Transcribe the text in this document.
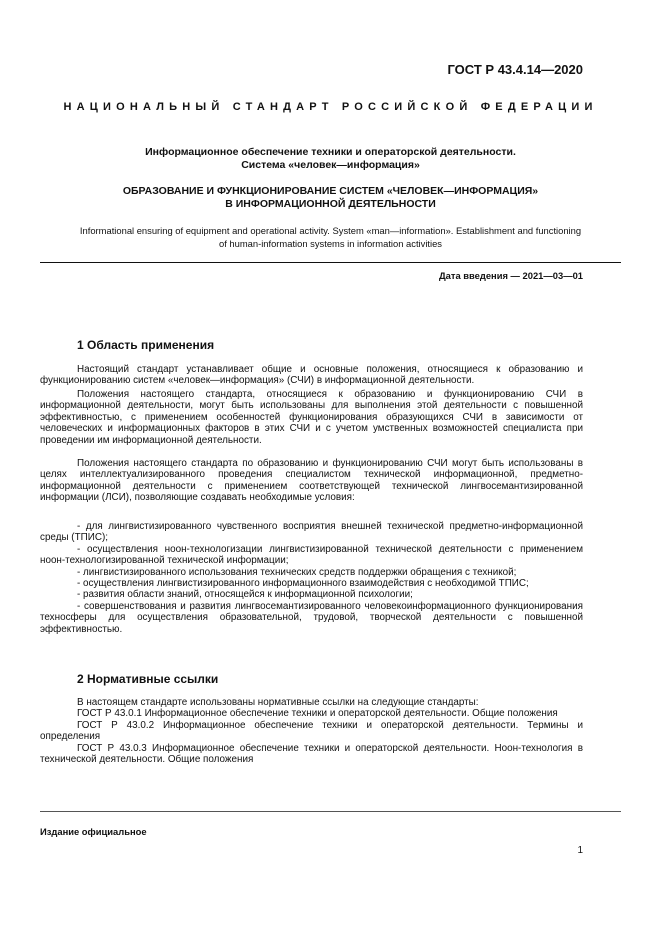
ГОСТ Р 43.4.14—2020
НАЦИОНАЛЬНЫЙ СТАНДАРТ РОССИЙСКОЙ ФЕДЕРАЦИИ
Информационное обеспечение техники и операторской деятельности.
Система «человек—информация»
ОБРАЗОВАНИЕ И ФУНКЦИОНИРОВАНИЕ СИСТЕМ «ЧЕЛОВЕК—ИНФОРМАЦИЯ»
В ИНФОРМАЦИОННОЙ ДЕЯТЕЛЬНОСТИ
Informational ensuring of equipment and operational activity. System «man—information». Establishment and functioning
of human-information systems in information activities
Дата введения — 2021—03—01
1 Область применения

Настоящий стандарт устанавливает общие и основные положения, относящиеся к образованию и функционированию систем «человек—информация» (СЧИ) в информационной деятельности.

Положения настоящего стандарта, относящиеся к образованию и функционированию СЧИ в информационной деятельности, могут быть использованы для выполнения этой деятельности с повышенной эффективностью, с применением особенностей функционирования образующихся СЧИ в зависимости от человеческих и информационных факторов в этих СЧИ и с учетом умственных возможностей специалиста при проведении им информационной деятельности.

Положения настоящего стандарта по образованию и функционированию СЧИ могут быть использованы в целях интеллектуализированного проведения специалистом технической информационной, предметно-информационной деятельности с применением соответствующей технической лингвосемантизированной информации (ЛСИ), позволяющие создавать необходимые условия:

- для лингвистизированного чувственного восприятия внешней технической предметно-информационной среды (ТПИС);

- осуществления ноон-технологизации лингвистизированной технической деятельности с применением ноон-технологизированной технической информации;

- лингвистизированного использования технических средств поддержки обращения с техникой;

- осуществления лингвистизированного информационного взаимодействия с необходимой ТПИС;

- развития области знаний, относящейся к информационной психологии;

- совершенствования и развития лингвосемантизированного человекоинформационного функционирования техносферы для осуществления образовательной, трудовой, творческой деятельности с повышенной эффективностью.

2 Нормативные ссылки

В настоящем стандарте использованы нормативные ссылки на следующие стандарты:

ГОСТ Р 43.0.1 Информационное обеспечение техники и операторской деятельности. Общие положения

ГОСТ Р 43.0.2 Информационное обеспечение техники и операторской деятельности. Термины и определения

ГОСТ Р 43.0.3 Информационное обеспечение техники и операторской деятельности. Ноон-технология в технической деятельности. Общие положения

Издание официальное
1
